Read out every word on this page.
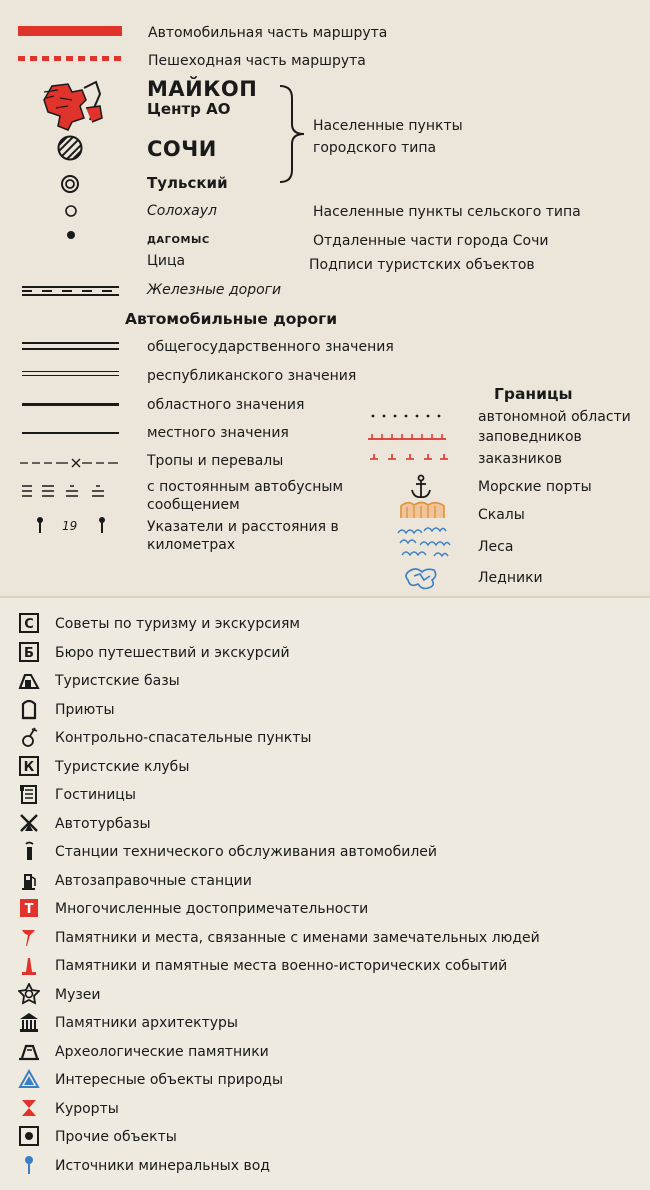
Автомобильная часть маршрута
Пешеходная часть маршрута
МАЙКОП
Центр АО
СОЧИ
Тульский
Населенные пункты
городского типа
Солохаул	Населенные пункты сельского типа
ДАГОМЫС	Отдаленные части города Сочи
Цица	Подписи туристских объектов
Железные дороги
Автомобильные дороги
общегосударственного значения
республиканского значения
областного значения
местного значения
Тропы и перевалы
с постоянным автобусным
сообщением
19	Указатели и расстояния в
километрах
Границы
автономной области
заповедников
заказников
Морские порты
Скалы
Леса
Ледники
С Советы по туризму и экскурсиям
Б Бюро путешествий и экскурсий
Туристские базы
Приюты
Контрольно-спасательные пункты
К Туристские клубы
Гостиницы
Автотурбазы
Станции технического обслуживания автомобилей
Автозаправочные станции
Т Многочисленные достопримечательности
Памятники и места, связанные с именами замечательных людей
Памятники и памятные места военно-исторических событий
Музеи
Памятники архитектуры
Археологические памятники
Интересные объекты природы
Курорты
Прочие объекты
Источники минеральных вод
